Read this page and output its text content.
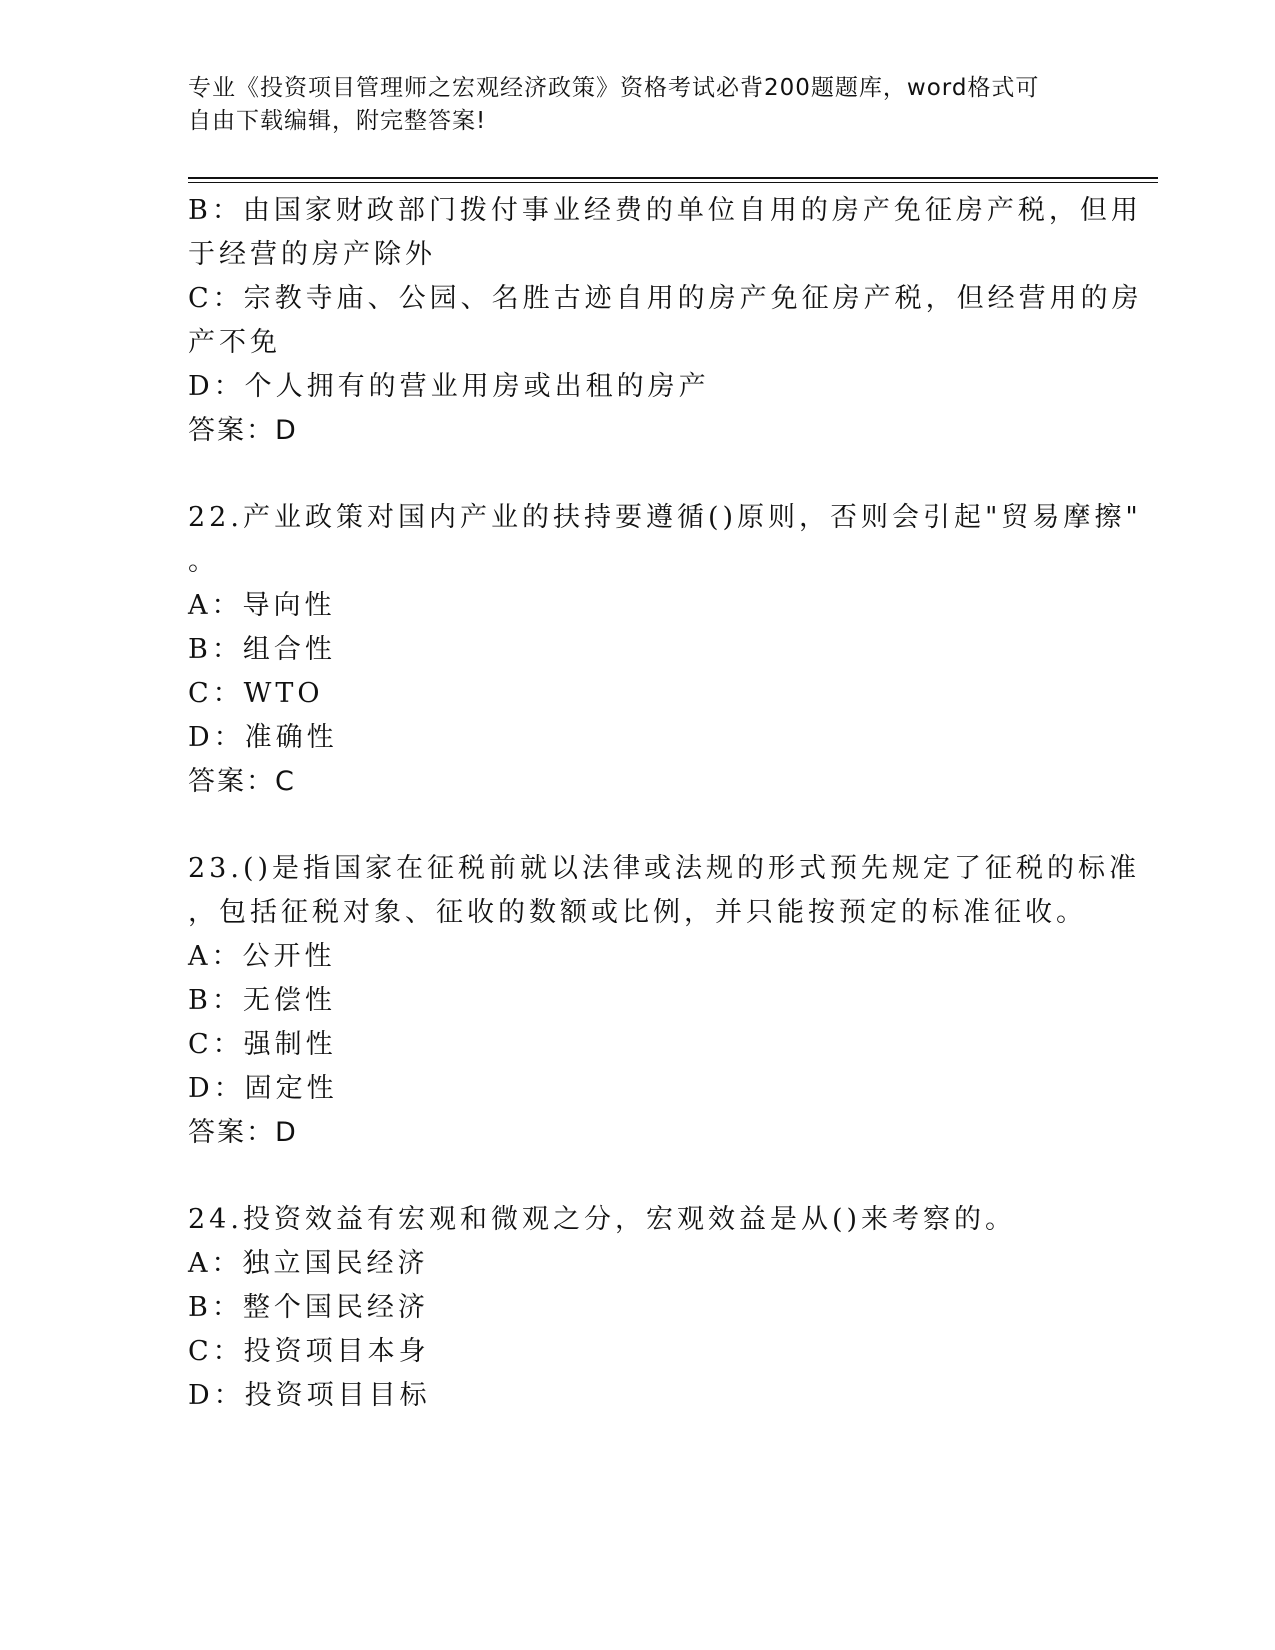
专业《投资项目管理师之宏观经济政策》资格考试必背200题题库，word格式可
自由下载编辑，附完整答案!
B：由国家财政部门拨付事业经费的单位自用的房产免征房产税，但用
于经营的房产除外
C：宗教寺庙、公园、名胜古迹自用的房产免征房产税，但经营用的房
产不免
D：个人拥有的营业用房或出租的房产
答案：D
22.产业政策对国内产业的扶持要遵循()原则，否则会引起"贸易摩擦"
。
A：导向性
B：组合性
C：WTO
D：准确性
答案：C
23.()是指国家在征税前就以法律或法规的形式预先规定了征税的标准
，包括征税对象、征收的数额或比例，并只能按预定的标准征收。
A：公开性
B：无偿性
C：强制性
D：固定性
答案：D
24.投资效益有宏观和微观之分，宏观效益是从()来考察的。
A：独立国民经济
B：整个国民经济
C：投资项目本身
D：投资项目目标
